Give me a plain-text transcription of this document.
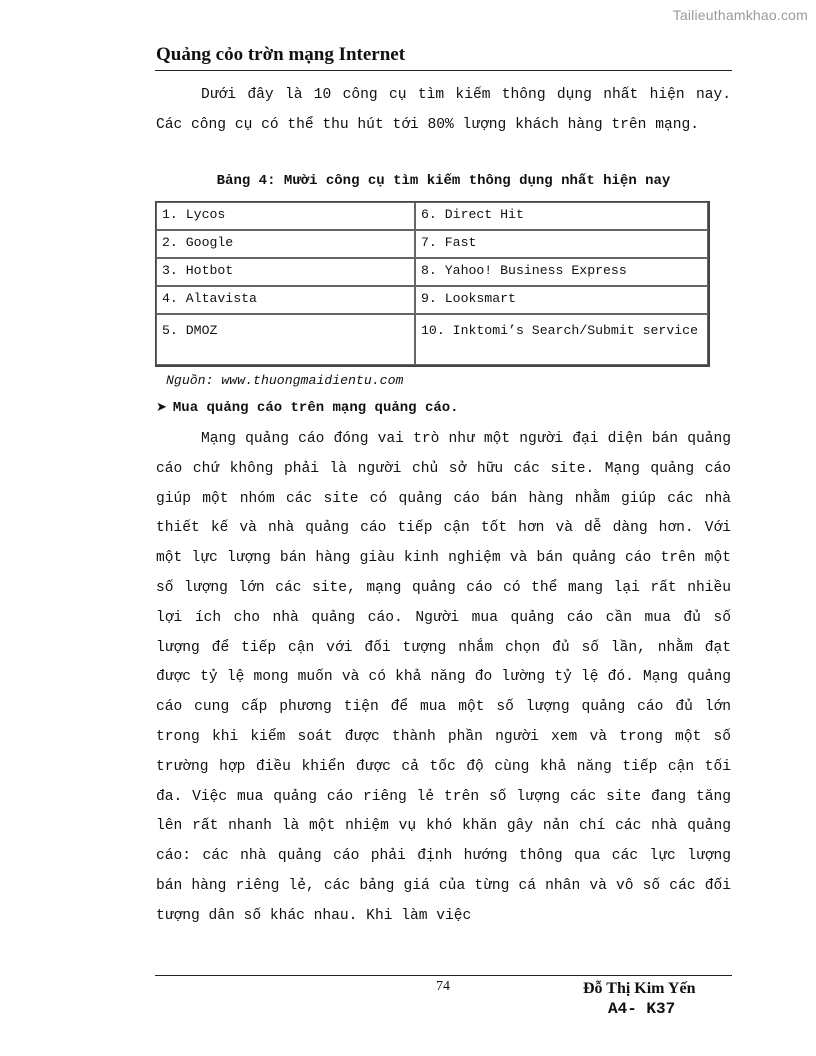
Tailieuthamkhao.com
Quảng cỏo trờn mạng Internet

Dưới đây là 10 công cụ tìm kiếm thông dụng nhất hiện nay. Các công cụ có thể thu hút tới 80% lượng khách hàng trên mạng.

Bảng 4: Mười công cụ tìm kiếm thông dụng nhất hiện nay
1. Lycos	6. Direct Hit
2. Google	7. Fast
3. Hotbot	8. Yahoo! Business Express
4. Altavista	9. Looksmart
5. DMOZ	10. Inktomi’s Search/Submit service
Nguồn: www.thuongmaidientu.com
➤ Mua quảng cáo trên mạng quảng cáo.

Mạng quảng cáo đóng vai trò như một người đại diện bán quảng cáo chứ không phải là người chủ sở hữu các site. Mạng quảng cáo giúp một nhóm các site có quảng cáo bán hàng nhằm giúp các nhà thiết kế và nhà quảng cáo tiếp cận tốt hơn và dễ dàng hơn. Với một lực lượng bán hàng giàu kinh nghiệm và bán quảng cáo trên một số lượng lớn các site, mạng quảng cáo có thể mang lại rất nhiều lợi ích cho nhà quảng cáo. Người mua quảng cáo cần mua đủ số lượng để tiếp cận với đối tượng nhắm chọn đủ số lần, nhằm đạt được tỷ lệ mong muốn và có khả năng đo lường tỷ lệ đó. Mạng quảng cáo cung cấp phương tiện để mua một số lượng quảng cáo đủ lớn trong khi kiểm soát được thành phần người xem và trong một số trường hợp điều khiển được cả tốc độ cùng khả năng tiếp cận tối đa. Việc mua quảng cáo riêng lẻ trên số lượng các site đang tăng lên rất nhanh là một nhiệm vụ khó khăn gây nản chí các nhà quảng cáo: các nhà quảng cáo phải định hướng thông qua các lực lượng bán hàng riêng lẻ, các bảng giá của từng cá nhân và vô số các đối tượng dân số khác nhau. Khi làm việc

74	Đỗ Thị Kim Yến
A4- K37
